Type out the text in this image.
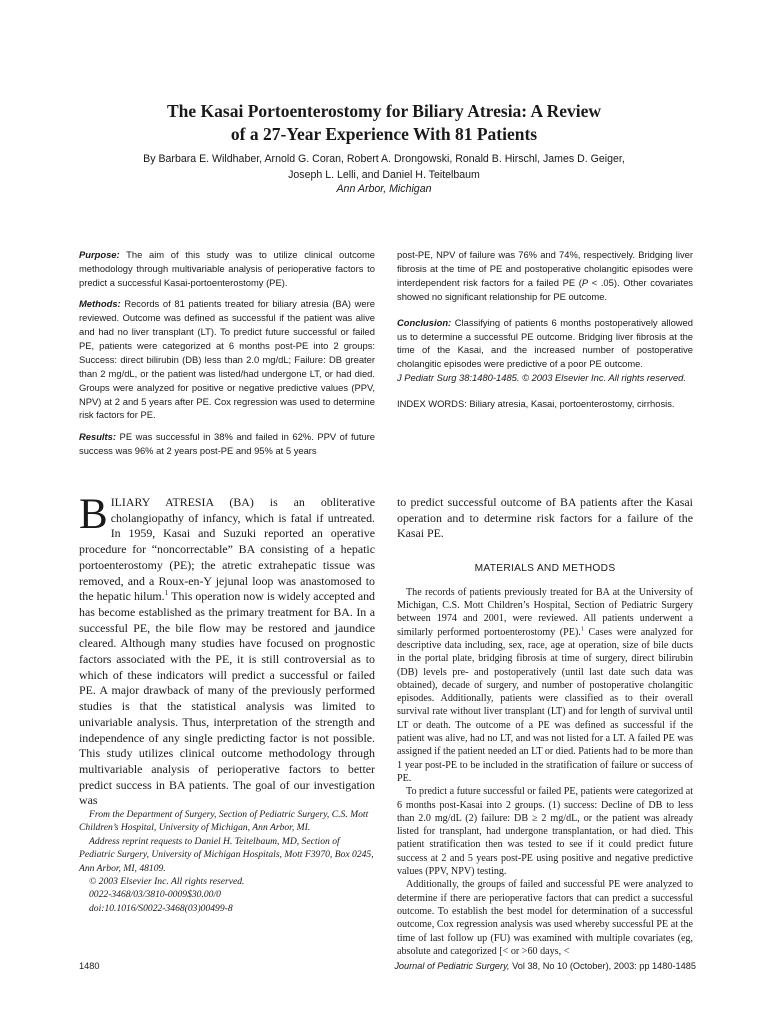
The Kasai Portoenterostomy for Biliary Atresia: A Review
of a 27-Year Experience With 81 Patients
By Barbara E. Wildhaber, Arnold G. Coran, Robert A. Drongowski, Ronald B. Hirschl, James D. Geiger,
Joseph L. Lelli, and Daniel H. Teitelbaum
Ann Arbor, Michigan

Purpose: The aim of this study was to utilize clinical outcome methodology through multivariable analysis of perioperative factors to predict a successful Kasai-portoenterostomy (PE).

Methods: Records of 81 patients treated for biliary atresia (BA) were reviewed. Outcome was defined as successful if the patient was alive and had no liver transplant (LT). To predict future successful or failed PE, patients were categorized at 6 months post-PE into 2 groups: Success: direct bilirubin (DB) less than 2.0 mg/dL; Failure: DB greater than 2 mg/dL, or the patient was listed/had undergone LT, or had died. Groups were analyzed for positive or negative predictive values (PPV, NPV) at 2 and 5 years after PE. Cox regression was used to determine risk factors for PE.

Results: PE was successful in 38% and failed in 62%. PPV of future success was 96% at 2 years post-PE and 95% at 5 years

post-PE, NPV of failure was 76% and 74%, respectively. Bridging liver fibrosis at the time of PE and postoperative cholangitic episodes were interdependent risk factors for a failed PE (P < .05). Other covariates showed no significant relationship for PE outcome.

Conclusion: Classifying of patients 6 months postoperatively allowed us to determine a successful PE outcome. Bridging liver fibrosis at the time of the Kasai, and the increased number of postoperative cholangitic episodes were predictive of a poor PE outcome.
J Pediatr Surg 38:1480-1485. © 2003 Elsevier Inc. All rights reserved.

INDEX WORDS: Biliary atresia, Kasai, portoenterostomy, cirrhosis.

BILIARY ATRESIA (BA) is an obliterative cholangiopathy of infancy, which is fatal if untreated. In 1959, Kasai and Suzuki reported an operative procedure for “noncorrectable” BA consisting of a hepatic portoenterostomy (PE); the atretic extrahepatic tissue was removed, and a Roux-en-Y jejunal loop was anastomosed to the hepatic hilum.$^1$ This operation now is widely accepted and has become established as the primary treatment for BA. In a successful PE, the bile flow may be restored and jaundice cleared. Although many studies have focused on prognostic factors associated with the PE, it is still controversial as to which of these indicators will predict a successful or failed PE. A major drawback of many of the previously performed studies is that the statistical analysis was limited to univariable analysis. Thus, interpretation of the strength and independence of any single predicting factor is not possible. This study utilizes clinical outcome methodology through multivariable analysis of perioperative factors to better predict success in BA patients. The goal of our investigation was

to predict successful outcome of BA patients after the Kasai operation and to determine risk factors for a failure of the Kasai PE.

MATERIALS AND METHODS

The records of patients previously treated for BA at the University of Michigan, C.S. Mott Children’s Hospital, Section of Pediatric Surgery between 1974 and 2001, were reviewed. All patients underwent a similarly performed portoenterostomy (PE).$^1$ Cases were analyzed for descriptive data including, sex, race, age at operation, size of bile ducts in the portal plate, bridging fibrosis at time of surgery, direct bilirubin (DB) levels pre- and postoperatively (until last date such data was obtained), decade of surgery, and number of postoperative cholangitic episodes. Additionally, patients were classified as to their overall survival rate without liver transplant (LT) and for length of survival until LT or death. The outcome of a PE was defined as successful if the patient was alive, had no LT, and was not listed for a LT. A failed PE was assigned if the patient needed an LT or died. Patients had to be more than 1 year post-PE to be included in the stratification of failure or success of PE.

To predict a future successful or failed PE, patients were categorized at 6 months post-Kasai into 2 groups. (1) success: Decline of DB to less than 2.0 mg/dL (2) failure: DB ≥ 2 mg/dL, or the patient was already listed for transplant, had undergone transplantation, or had died. This patient stratification then was tested to see if it could predict future success at 2 and 5 years post-PE using positive and negative predictive values (PPV, NPV) testing.

Additionally, the groups of failed and successful PE were analyzed to determine if there are perioperative factors that can predict a successful outcome. To establish the best model for determination of a successful outcome, Cox regression analysis was used whereby successful PE at the time of last follow up (FU) was examined with multiple covariates (eg, absolute and categorized [< or >60 days, <

From the Department of Surgery, Section of Pediatric Surgery, C.S. Mott Children’s Hospital, University of Michigan, Ann Arbor, MI.

Address reprint requests to Daniel H. Teitelbaum, MD, Section of Pediatric Surgery, University of Michigan Hospitals, Mott F3970, Box 0245, Ann Arbor, MI, 48109.

© 2003 Elsevier Inc. All rights reserved.

0022-3468/03/3810-0009$30.00/0

doi:10.1016/S0022-3468(03)00499-8

1480	Journal of Pediatric Surgery, Vol 38, No 10 (October), 2003: pp 1480-1485
